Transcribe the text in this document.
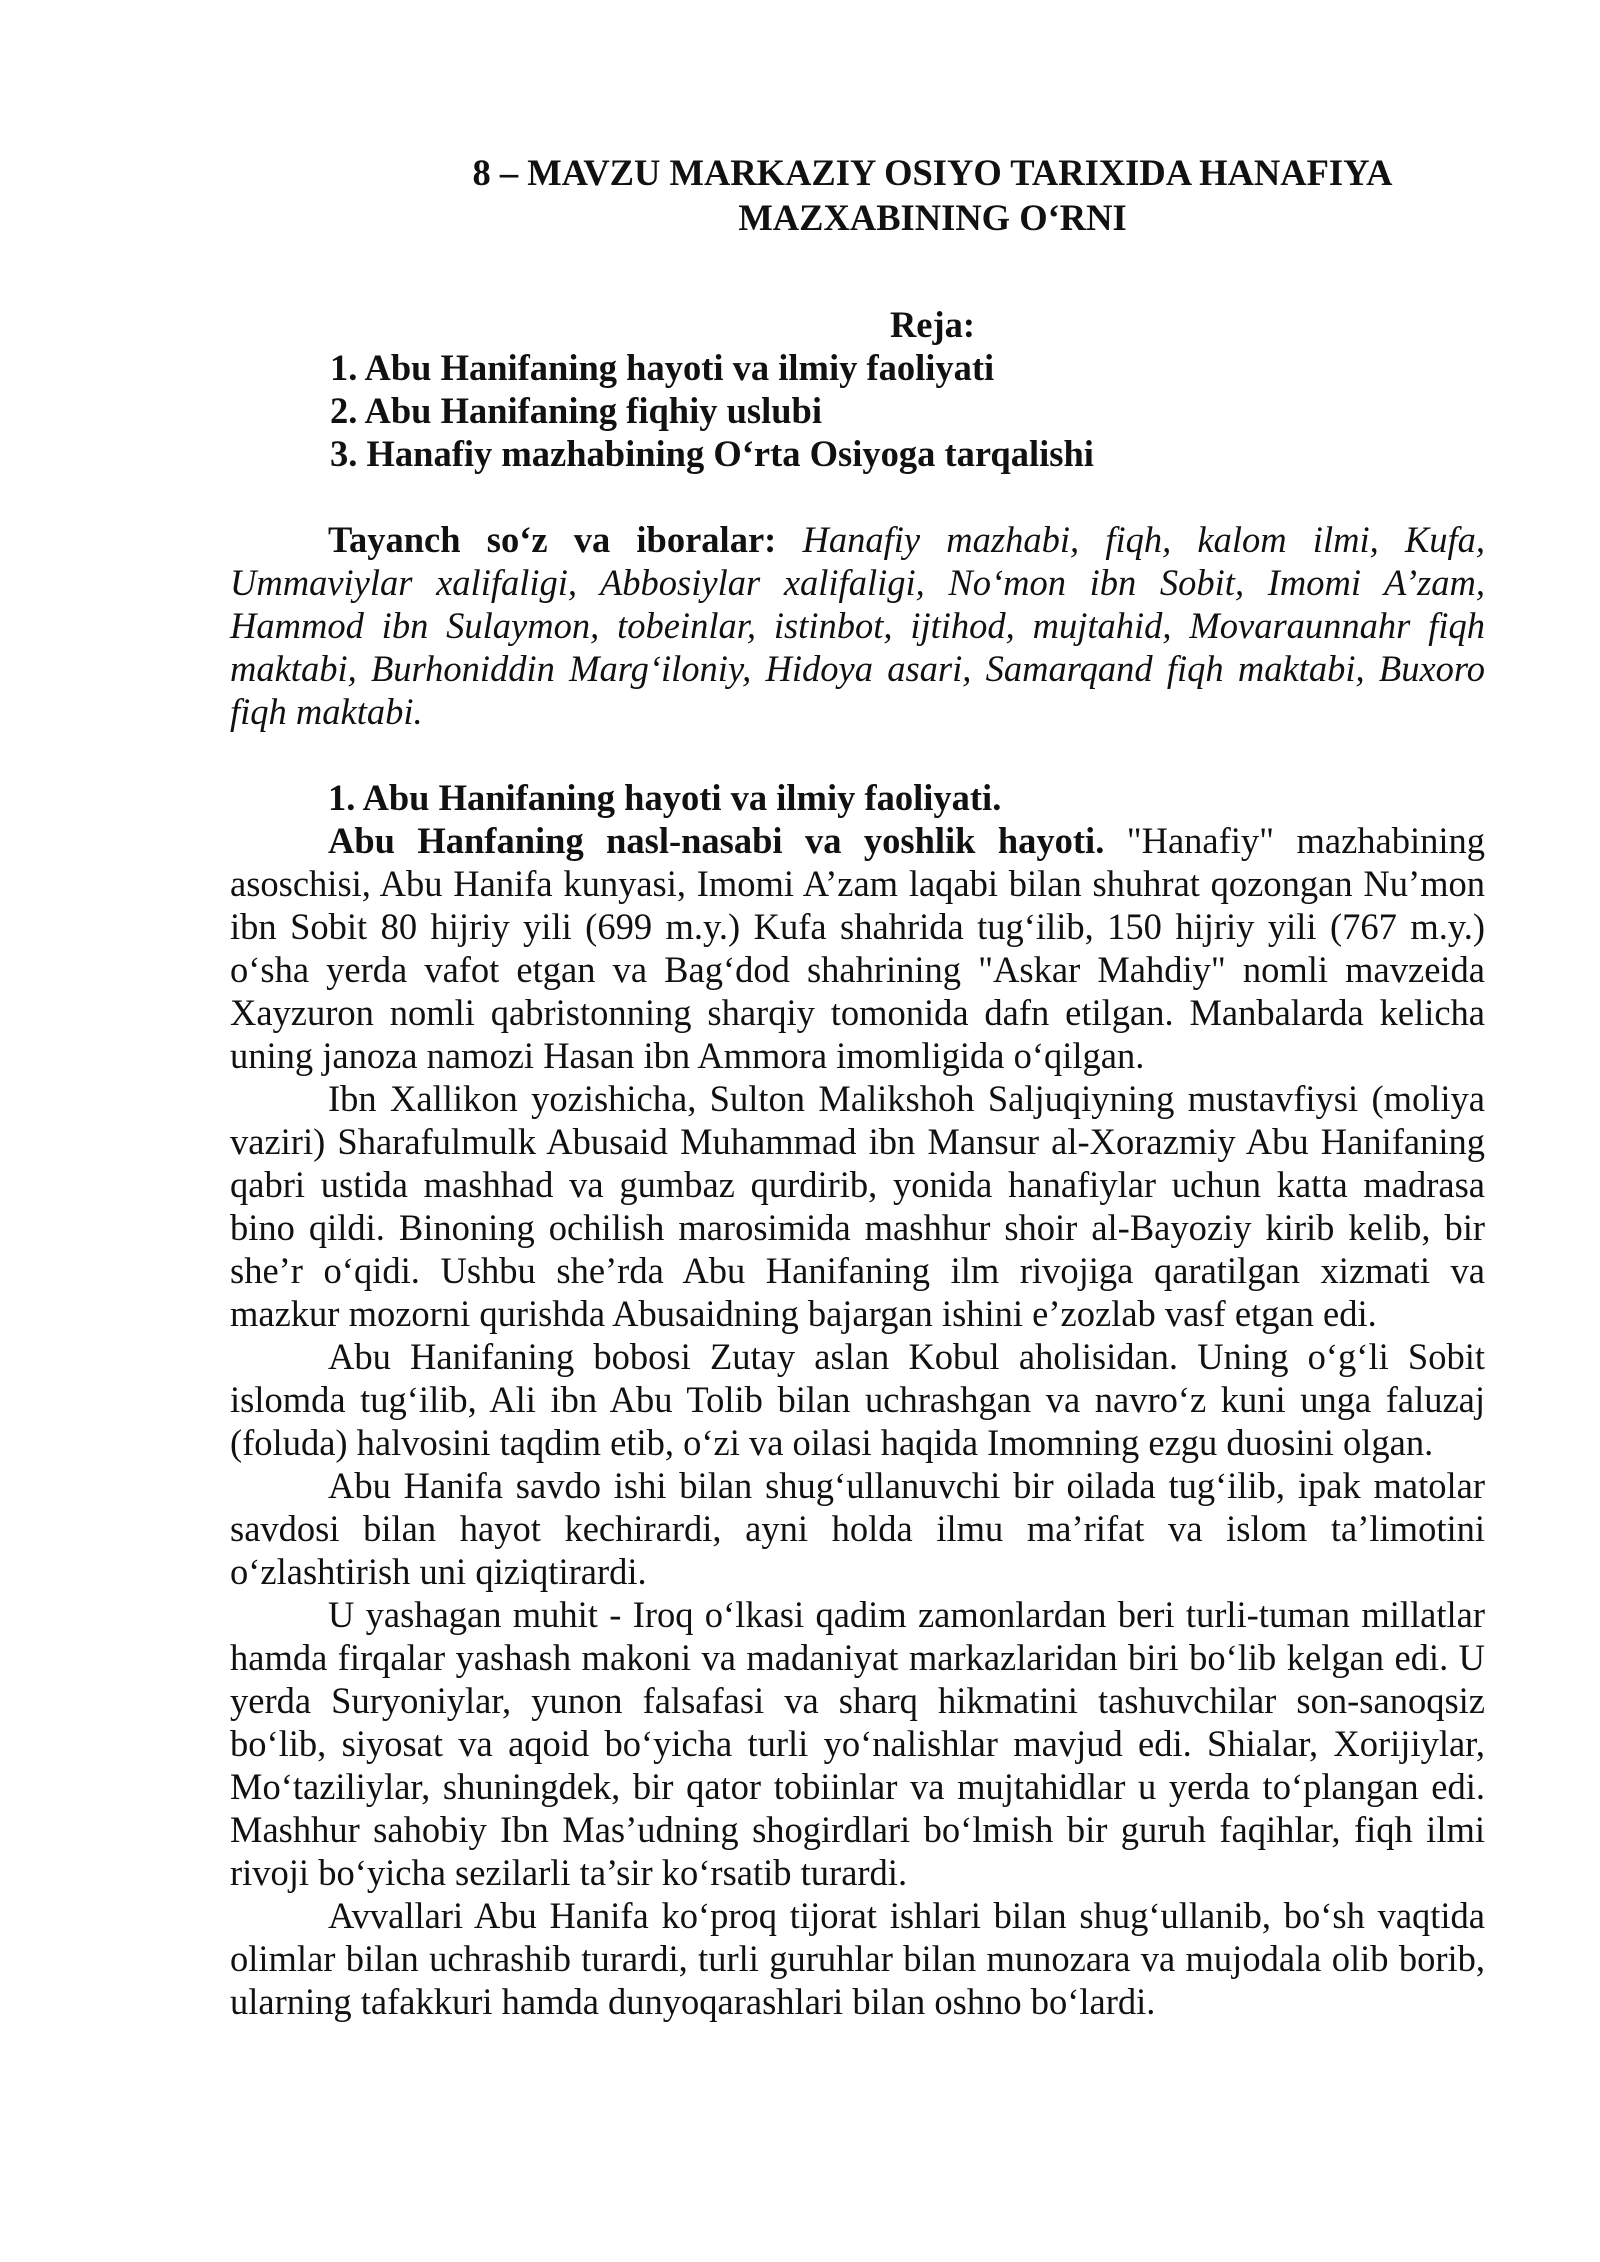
8 – MAVZU MARKAZIY OSIYO TARIXIDA HANAFIYA
MAZXABINING O‘RNI
Reja:
1. Abu Hanifaning hayoti va ilmiy faoliyati
2. Abu Hanifaning fiqhiy uslubi
3. Hanafiy mazhabining O‘rta Osiyoga tarqalishi

Tayanch so‘z va iboralar: Hanafiy mazhabi, fiqh, kalom ilmi, Kufa, Ummaviylar xalifaligi, Abbosiylar xalifaligi, No‘mon ibn Sobit, Imomi A’zam, Hammod ibn Sulaymon, tobeinlar, istinbot, ijtihod, mujtahid, Movaraunnahr fiqh maktabi, Burhoniddin Marg‘iloniy, Hidoya asari, Samarqand fiqh maktabi, Buxoro fiqh maktabi.

1. Abu Hanifaning hayoti va ilmiy faoliyati.

Abu Hanfaning nasl-nasabi va yoshlik hayoti. "Hanafiy" mazhabining asoschisi, Abu Hanifa kunyasi, Imomi A’zam laqabi bilan shuhrat qozongan Nu’mon ibn Sobit 80 hijriy yili (699 m.y.) Kufa shahrida tug‘ilib, 150 hijriy yili (767 m.y.) o‘sha yerda vafot etgan va Bag‘dod shahrining "Askar Mahdiy" nomli mavzeida Xayzuron nomli qabristonning sharqiy tomonida dafn etilgan. Manbalarda kelicha uning janoza namozi Hasan ibn Ammora imomligida o‘qilgan.

Ibn Xallikon yozishicha, Sulton Malikshoh Saljuqiyning mustavfiysi (moliya vaziri) Sharafulmulk Abusaid Muhammad ibn Mansur al-Xorazmiy Abu Hanifaning qabri ustida mashhad va gumbaz qurdirib, yonida hanafiylar uchun katta madrasa bino qildi. Binoning ochilish marosimida mashhur shoir al-Bayoziy kirib kelib, bir she’r o‘qidi. Ushbu she’rda Abu Hanifaning ilm rivojiga qaratilgan xizmati va mazkur mozorni qurishda Abusaidning bajargan ishini e’zozlab vasf etgan edi.

Abu Hanifaning bobosi Zutay aslan Kobul aholisidan. Uning o‘g‘li Sobit islomda tug‘ilib, Ali ibn Abu Tolib bilan uchrashgan va navro‘z kuni unga faluzaj (foluda) halvosini taqdim etib, o‘zi va oilasi haqida Imomning ezgu duosini olgan.

Abu Hanifa savdo ishi bilan shug‘ullanuvchi bir oilada tug‘ilib, ipak matolar savdosi bilan hayot kechirardi, ayni holda ilmu ma’rifat va islom ta’limotini o‘zlashtirish uni qiziqtirardi.

U yashagan muhit - Iroq o‘lkasi qadim zamonlardan beri turli-tuman millatlar hamda firqalar yashash makoni va madaniyat markazlaridan biri bo‘lib kelgan edi. U yerda Suryoniylar, yunon falsafasi va sharq hikmatini tashuvchilar son-sanoqsiz bo‘lib, siyosat va aqoid bo‘yicha turli yo‘nalishlar mavjud edi. Shialar, Xorijiylar, Mo‘taziliylar, shuningdek, bir qator tobiinlar va mujtahidlar u yerda to‘plangan edi. Mashhur sahobiy Ibn Mas’udning shogirdlari bo‘lmish bir guruh faqihlar, fiqh ilmi rivoji bo‘yicha sezilarli ta’sir ko‘rsatib turardi.

Avvallari Abu Hanifa ko‘proq tijorat ishlari bilan shug‘ullanib, bo‘sh vaqtida olimlar bilan uchrashib turardi, turli guruhlar bilan munozara va mujodala olib borib, ularning tafakkuri hamda dunyoqarashlari bilan oshno bo‘lardi.
